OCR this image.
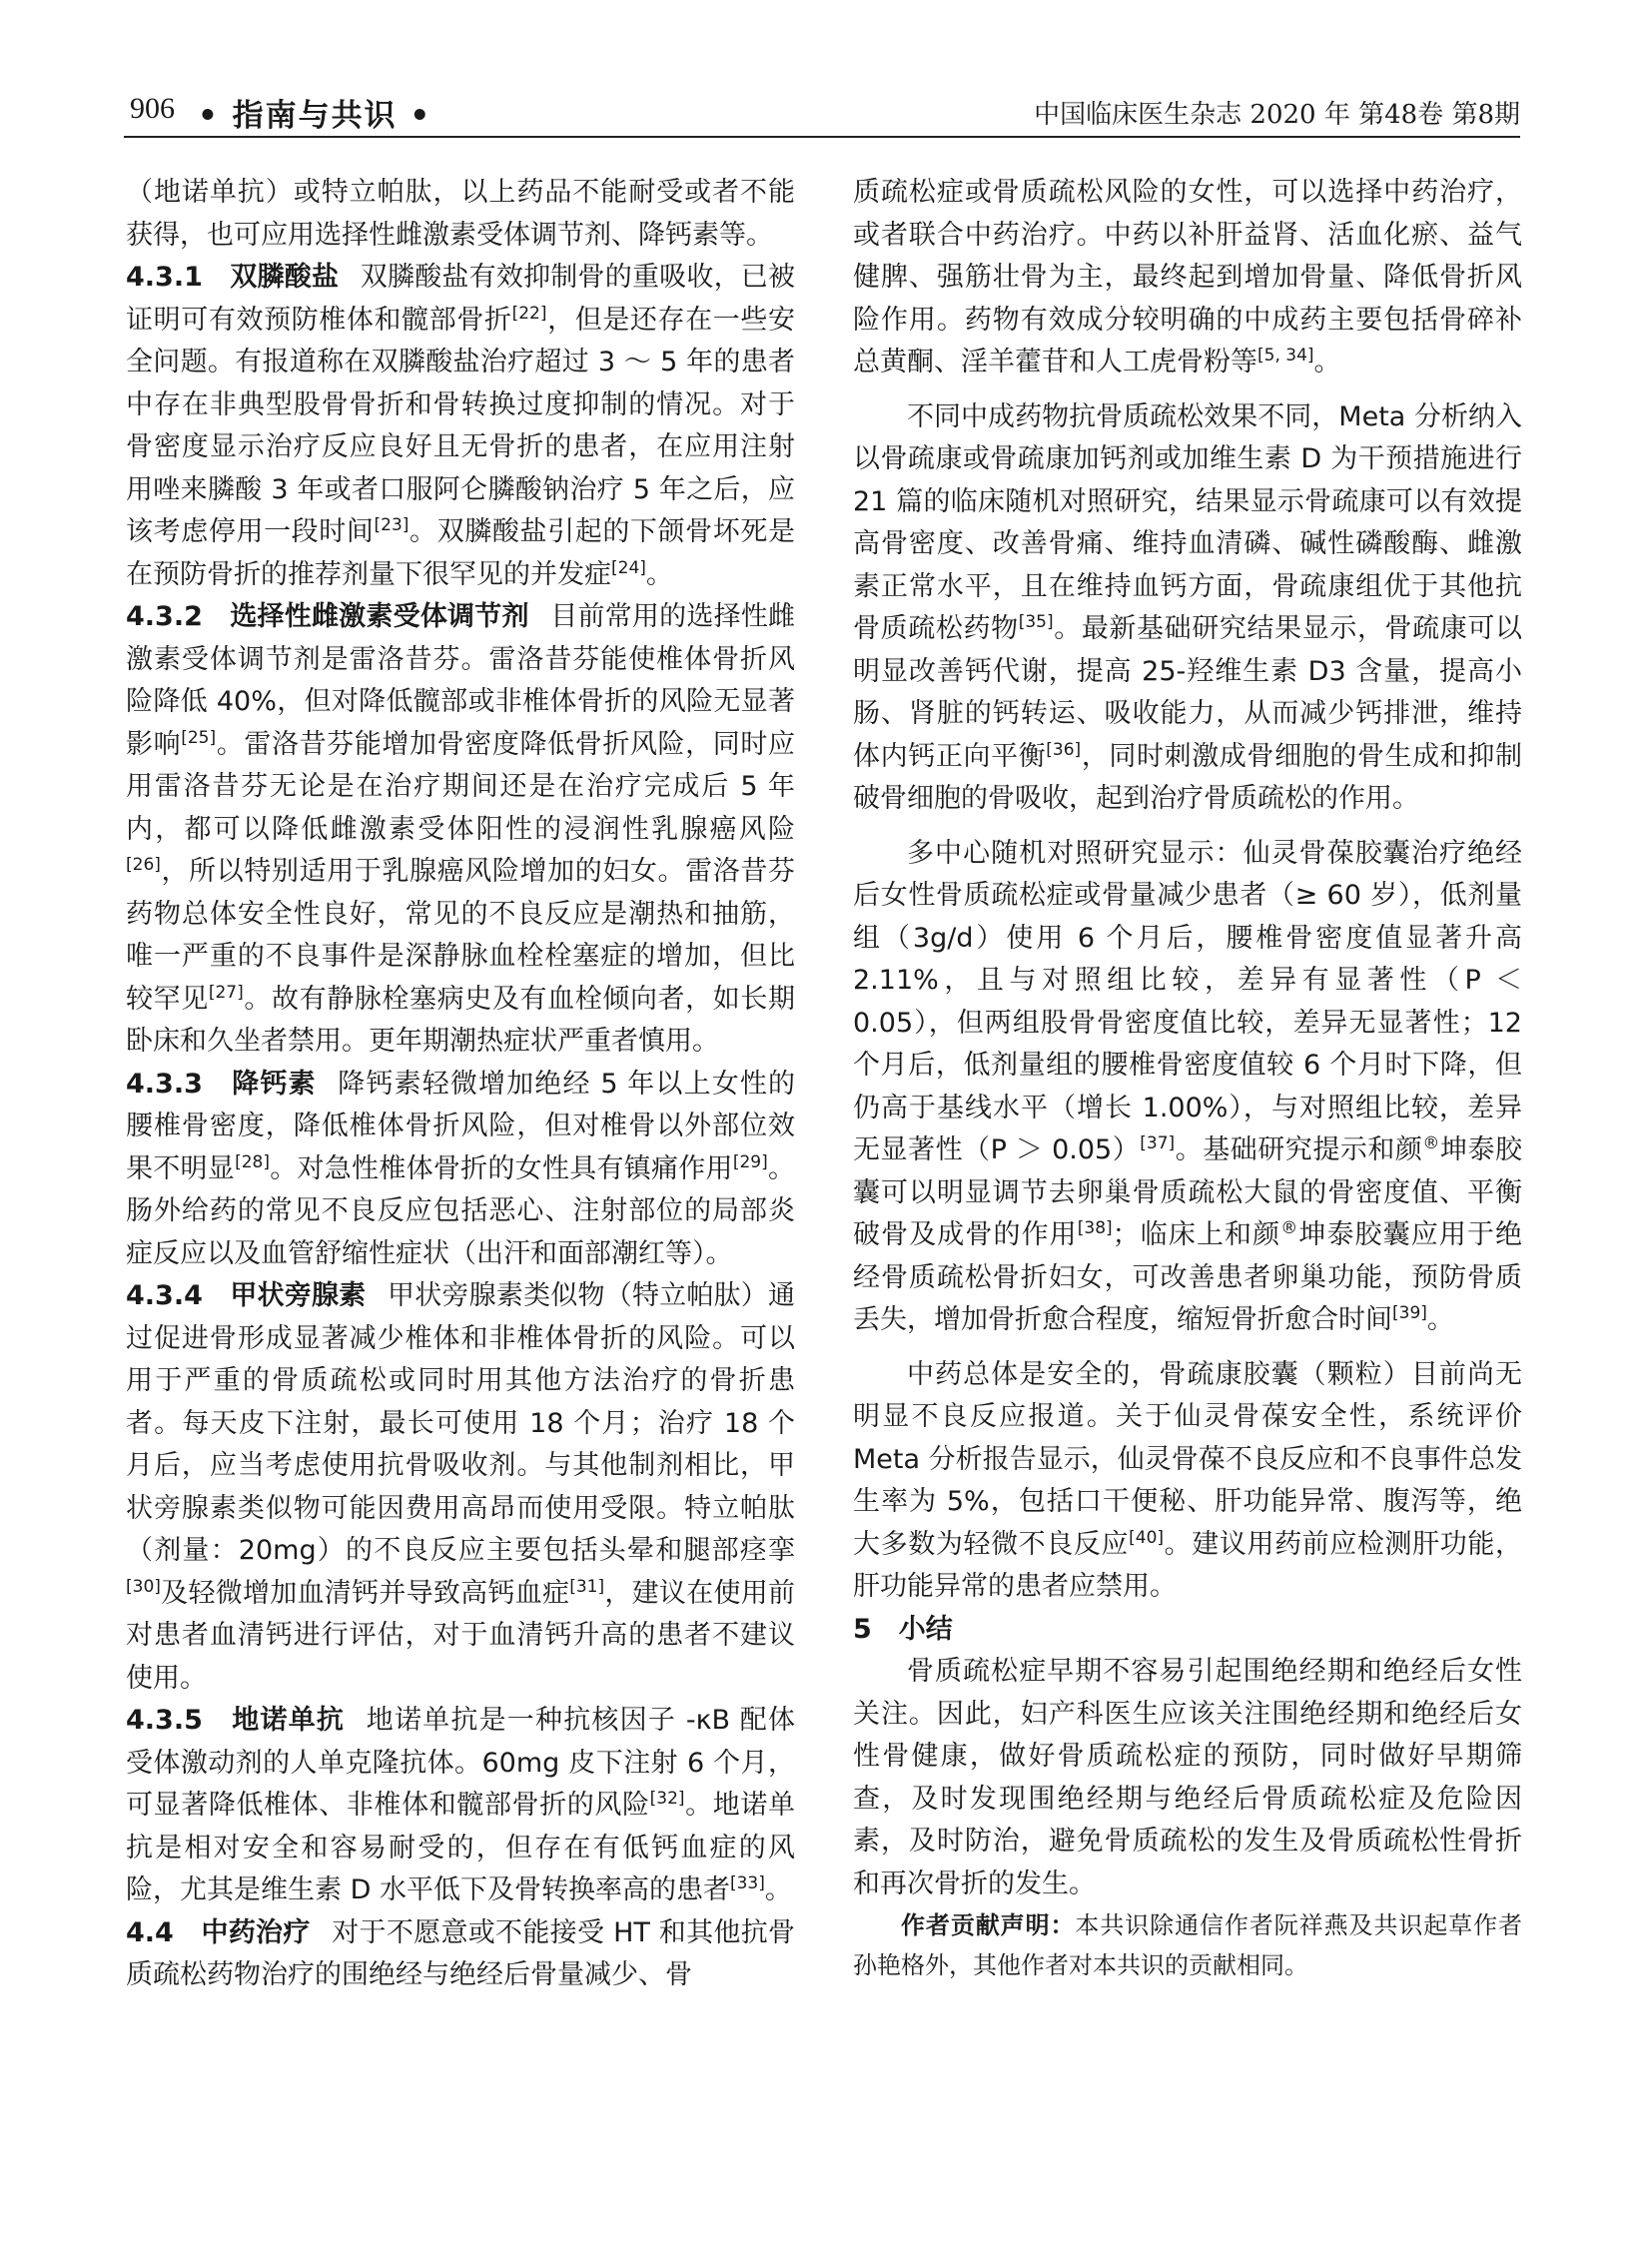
906 • 指南与共识 •	中国临床医生杂志 2020 年 第48卷 第8期

（地诺单抗）或特立帕肽，以上药品不能耐受或者不能获得，也可应用选择性雌激素受体调节剂、降钙素等。

4.3.1　 双膦酸盐 双膦酸盐有效抑制骨的重吸收，已被证明可有效预防椎体和髋部骨折[22]，但是还存在一些安全问题。有报道称在双膦酸盐治疗超过 3 ～ 5 年的患者中存在非典型股骨骨折和骨转换过度抑制的情况。对于骨密度显示治疗反应良好且无骨折的患者，在应用注射用唑来膦酸 3 年或者口服阿仑膦酸钠治疗 5 年之后，应该考虑停用一段时间[23]。双膦酸盐引起的下颌骨坏死是在预防骨折的推荐剂量下很罕见的并发症[24]。

4.3.2　 选择性雌激素受体调节剂 目前常用的选择性雌激素受体调节剂是雷洛昔芬。雷洛昔芬能使椎体骨折风险降低 40%，但对降低髋部或非椎体骨折的风险无显著影响[25]。雷洛昔芬能增加骨密度降低骨折风险，同时应用雷洛昔芬无论是在治疗期间还是在治疗完成后 5 年内，都可以降低雌激素受体阳性的浸润性乳腺癌风险[26]，所以特别适用于乳腺癌风险增加的妇女。雷洛昔芬药物总体安全性良好，常见的不良反应是潮热和抽筋，唯一严重的不良事件是深静脉血栓栓塞症的增加，但比较罕见[27]。故有静脉栓塞病史及有血栓倾向者，如长期卧床和久坐者禁用。更年期潮热症状严重者慎用。

4.3.3　 降钙素 降钙素轻微增加绝经 5 年以上女性的腰椎骨密度，降低椎体骨折风险，但对椎骨以外部位效果不明显[28]。对急性椎体骨折的女性具有镇痛作用[29]。肠外给药的常见不良反应包括恶心、注射部位的局部炎症反应以及血管舒缩性症状（出汗和面部潮红等）。

4.3.4　 甲状旁腺素 甲状旁腺素类似物（特立帕肽）通过促进骨形成显著减少椎体和非椎体骨折的风险。可以用于严重的骨质疏松或同时用其他方法治疗的骨折患者。每天皮下注射，最长可使用 18 个月；治疗 18 个月后，应当考虑使用抗骨吸收剂。与其他制剂相比，甲状旁腺素类似物可能因费用高昂而使用受限。特立帕肽（剂量：20mg）的不良反应主要包括头晕和腿部痉挛[30]及轻微增加血清钙并导致高钙血症[31]，建议在使用前对患者血清钙进行评估，对于血清钙升高的患者不建议使用。

4.3.5　 地诺单抗 地诺单抗是一种抗核因子 -κB 配体受体激动剂的人单克隆抗体。60mg 皮下注射 6 个月，可显著降低椎体、非椎体和髋部骨折的风险[32]。地诺单抗是相对安全和容易耐受的，但存在有低钙血症的风险，尤其是维生素 D 水平低下及骨转换率高的患者[33]。

4.4　 中药治疗 对于不愿意或不能接受 HT 和其他抗骨质疏松药物治疗的围绝经与绝经后骨量减少、骨

质疏松症或骨质疏松风险的女性，可以选择中药治疗，或者联合中药治疗。中药以补肝益肾、活血化瘀、益气健脾、强筋壮骨为主，最终起到增加骨量、降低骨折风险作用。药物有效成分较明确的中成药主要包括骨碎补总黄酮、淫羊藿苷和人工虎骨粉等[5, 34]。

不同中成药物抗骨质疏松效果不同，Meta 分析纳入以骨疏康或骨疏康加钙剂或加维生素 D 为干预措施进行 21 篇的临床随机对照研究，结果显示骨疏康可以有效提高骨密度、改善骨痛、维持血清磷、碱性磷酸酶、雌激素正常水平，且在维持血钙方面，骨疏康组优于其他抗骨质疏松药物[35]。最新基础研究结果显示，骨疏康可以明显改善钙代谢，提高 25-羟维生素 D3 含量，提高小肠、肾脏的钙转运、吸收能力，从而减少钙排泄，维持体内钙正向平衡[36]，同时刺激成骨细胞的骨生成和抑制破骨细胞的骨吸收，起到治疗骨质疏松的作用。

多中心随机对照研究显示：仙灵骨葆胶囊治疗绝经后女性骨质疏松症或骨量减少患者（≥ 60 岁），低剂量组（3g/d）使用 6 个月后，腰椎骨密度值显著升高 2.11%，且与对照组比较，差异有显著性（P ＜ 0.05），但两组股骨骨密度值比较，差异无显著性；12 个月后，低剂量组的腰椎骨密度值较 6 个月时下降，但仍高于基线水平（增长 1.00%），与对照组比较，差异无显著性（P ＞ 0.05）[37]。基础研究提示和颜®坤泰胶囊可以明显调节去卵巢骨质疏松大鼠的骨密度值、平衡破骨及成骨的作用[38]；临床上和颜®坤泰胶囊应用于绝经骨质疏松骨折妇女，可改善患者卵巢功能，预防骨质丢失，增加骨折愈合程度，缩短骨折愈合时间[39]。

中药总体是安全的，骨疏康胶囊（颗粒）目前尚无明显不良反应报道。关于仙灵骨葆安全性，系统评价 Meta 分析报告显示，仙灵骨葆不良反应和不良事件总发生率为 5%，包括口干便秘、肝功能异常、腹泻等，绝大多数为轻微不良反应[40]。建议用药前应检测肝功能，肝功能异常的患者应禁用。

5　小结

骨质疏松症早期不容易引起围绝经期和绝经后女性关注。因此，妇产科医生应该关注围绝经期和绝经后女性骨健康，做好骨质疏松症的预防，同时做好早期筛查，及时发现围绝经期与绝经后骨质疏松症及危险因素，及时防治，避免骨质疏松的发生及骨质疏松性骨折和再次骨折的发生。

作者贡献声明：本共识除通信作者阮祥燕及共识起草作者孙艳格外，其他作者对本共识的贡献相同。
